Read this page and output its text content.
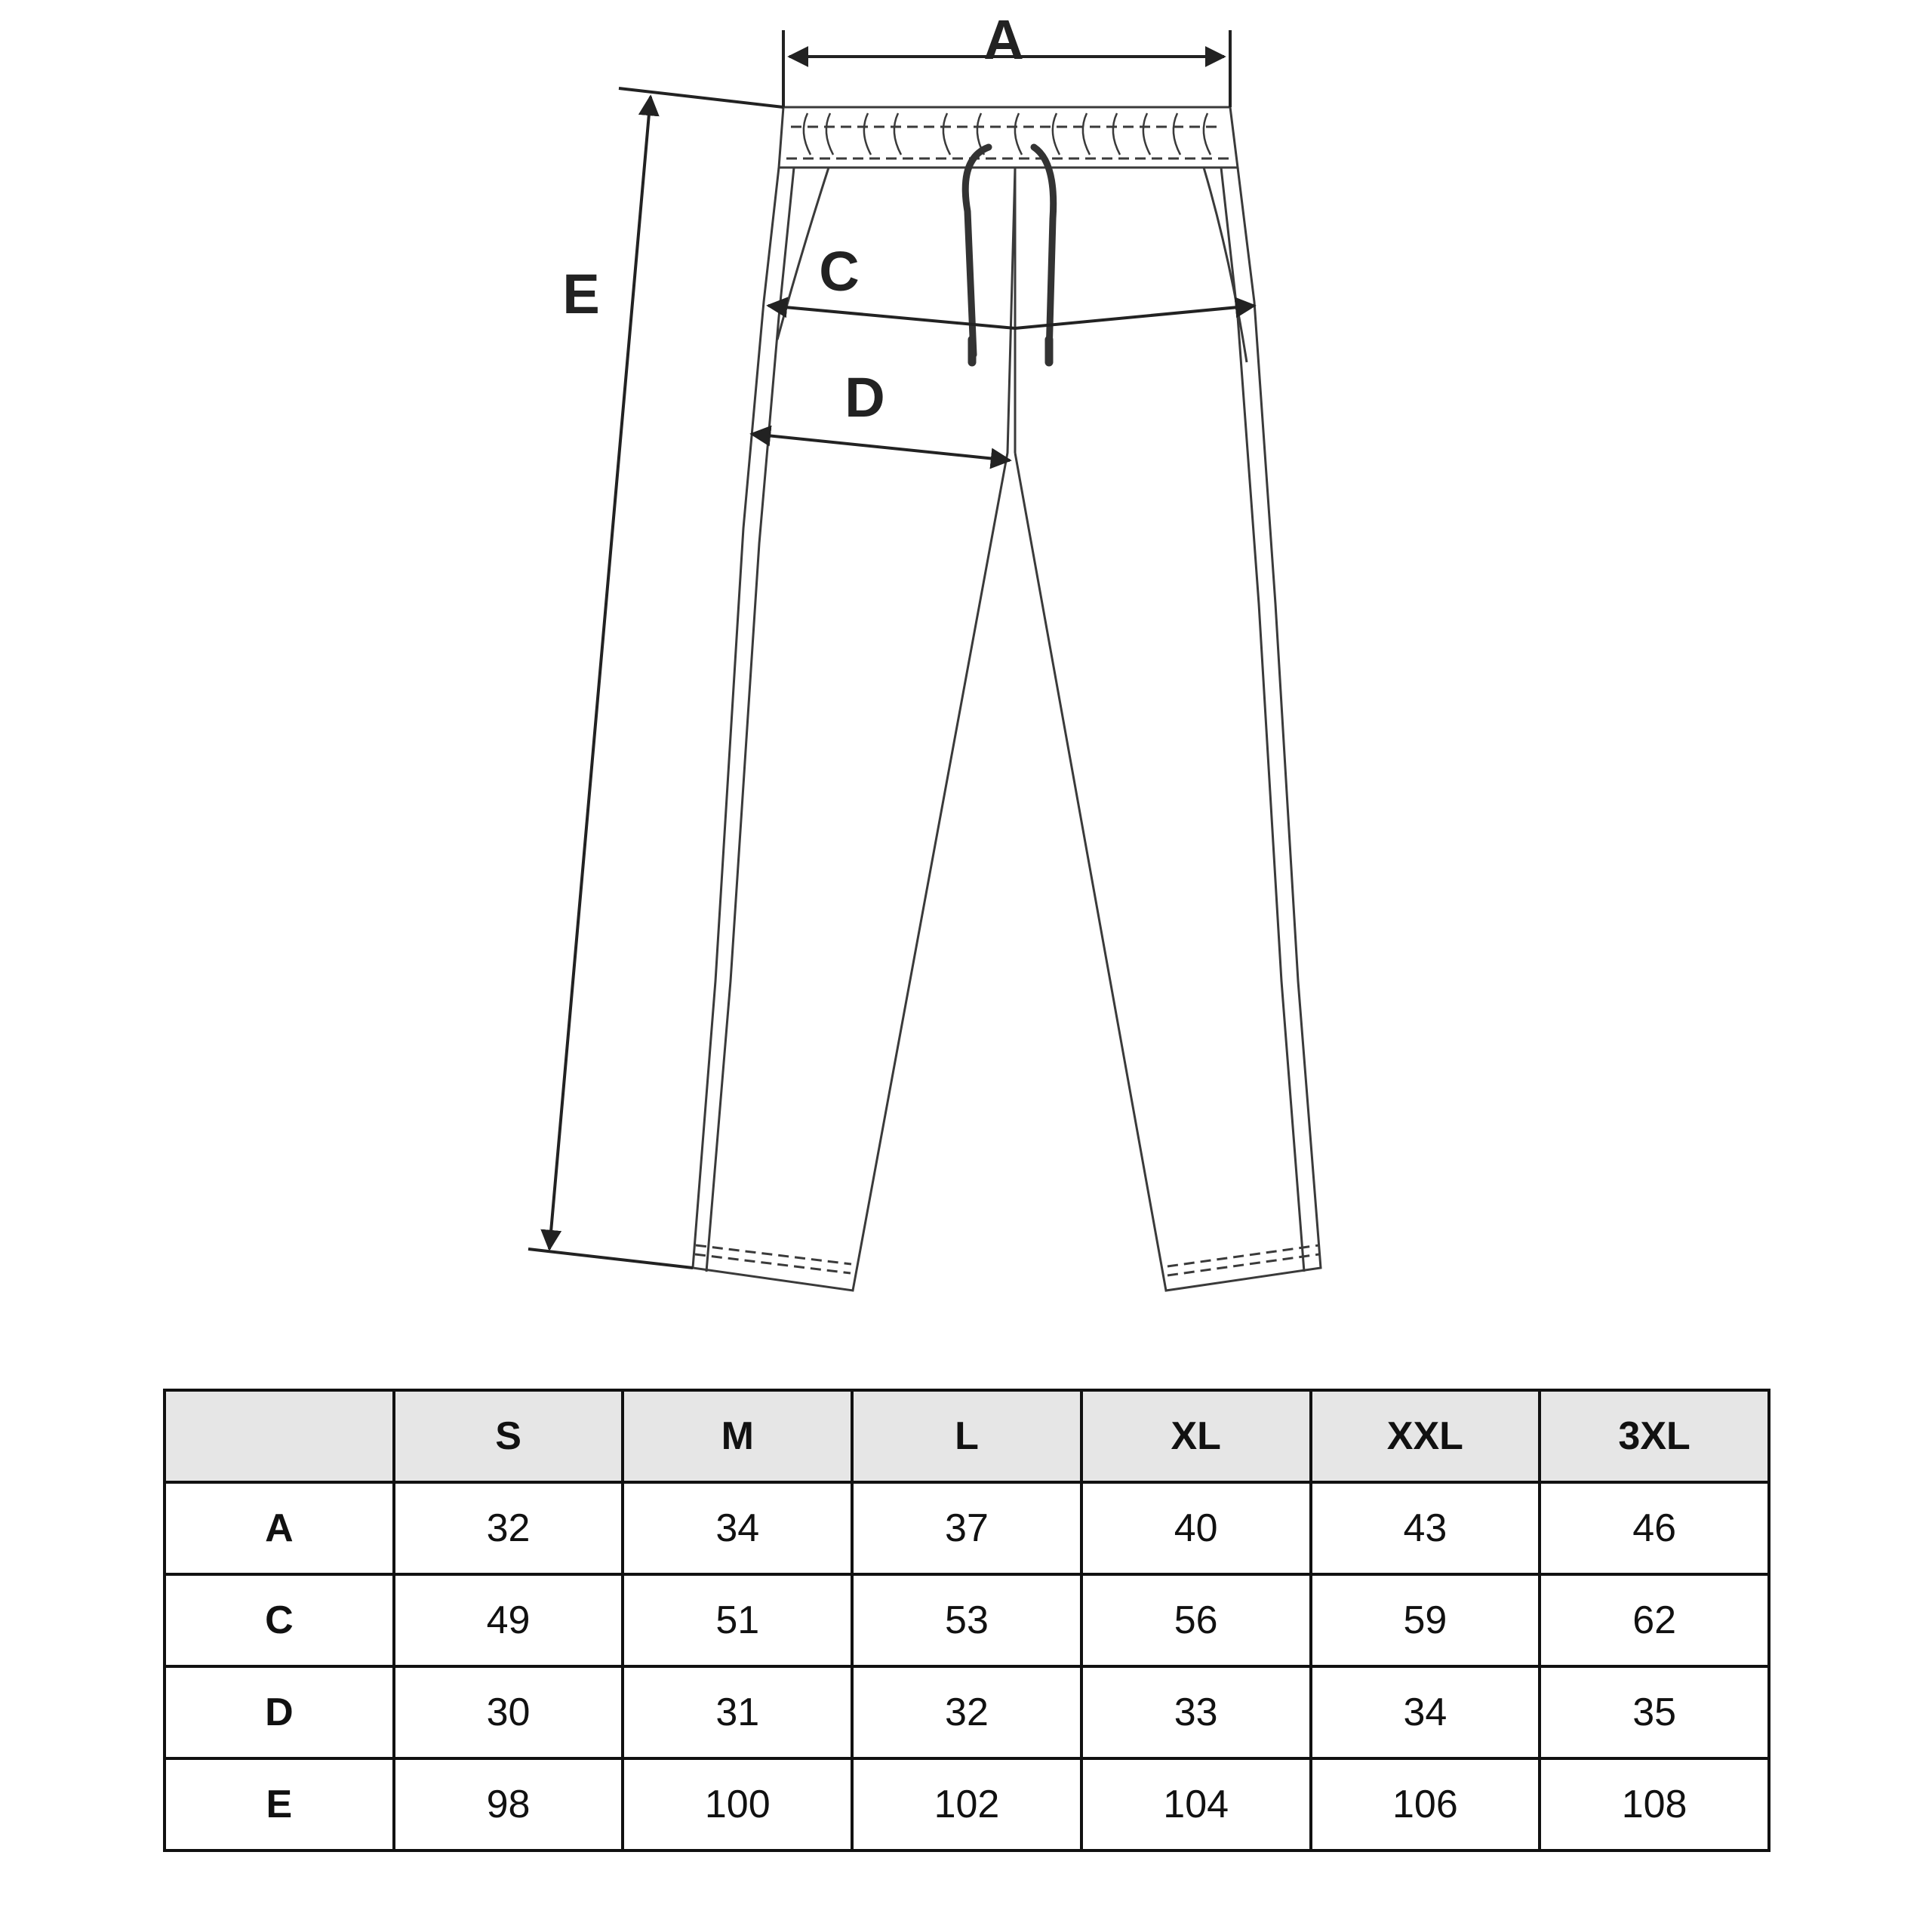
A
C
D
E
	S	M	L	XL	XXL	3XL
A	32	34	37	40	43	46
C	49	51	53	56	59	62
D	30	31	32	33	34	35
E	98	100	102	104	106	108
